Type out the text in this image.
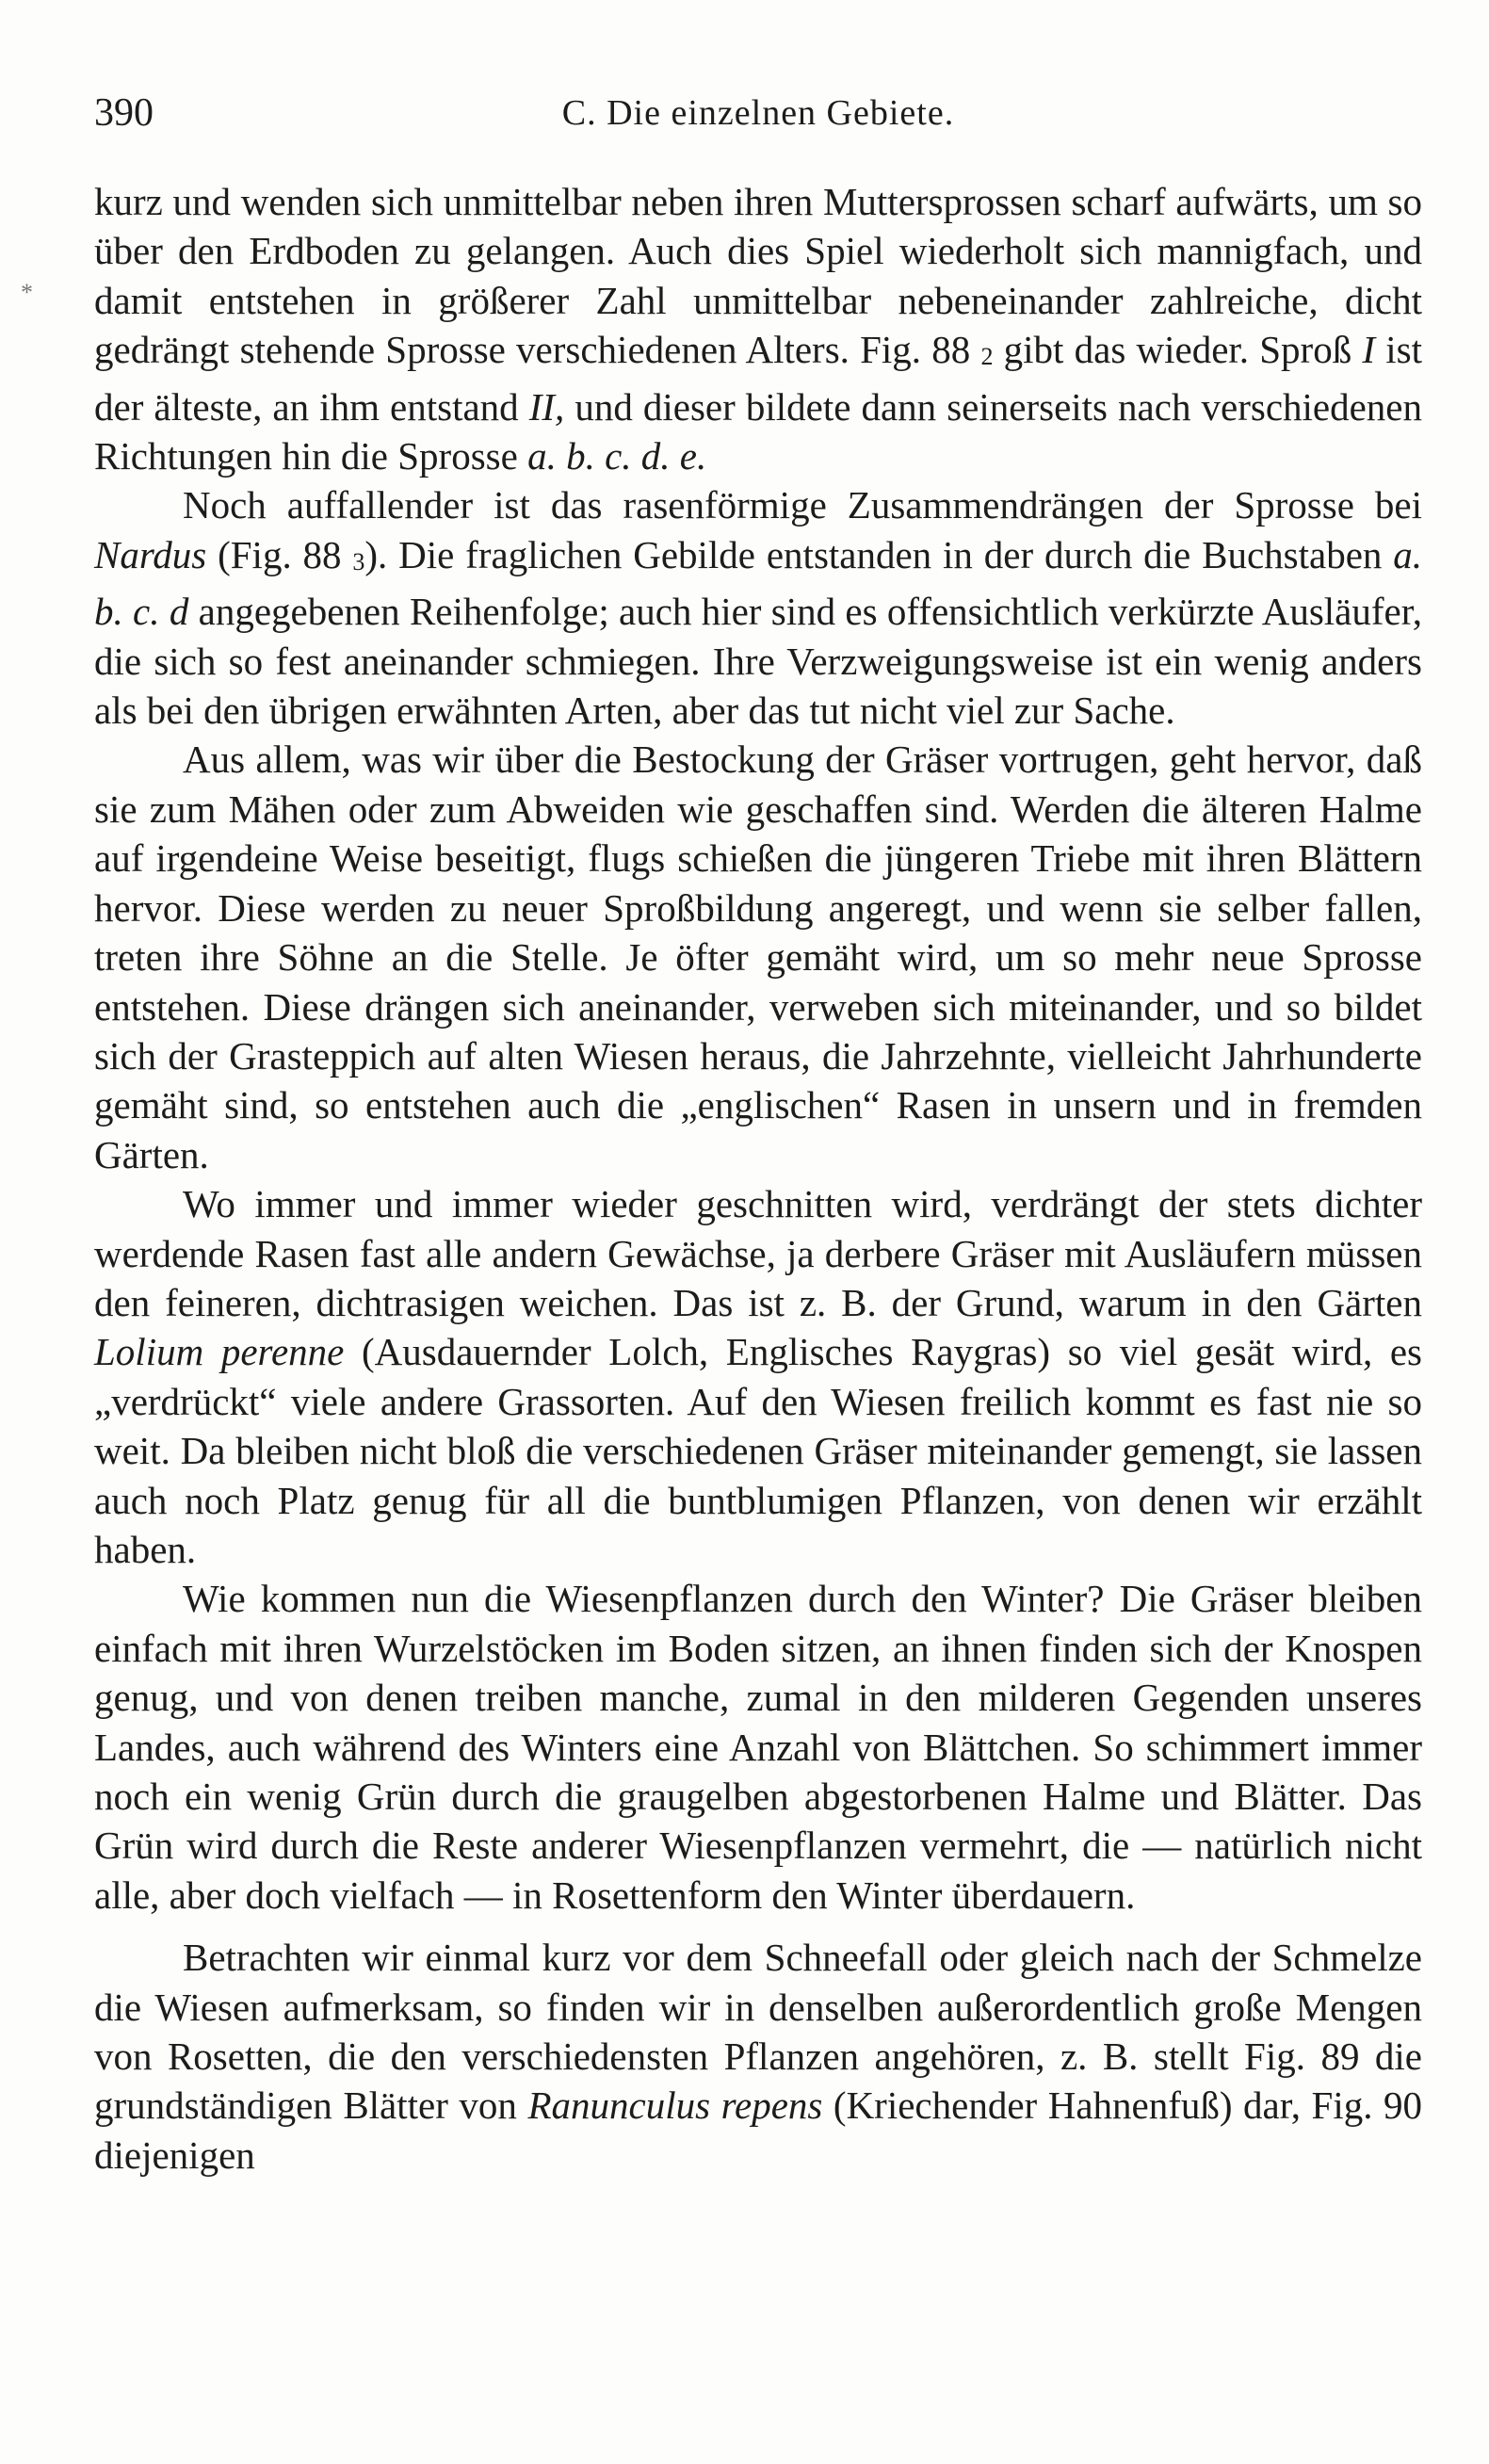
*
390	C. Die einzelnen Gebiete.

kurz und wenden sich unmittelbar neben ihren Muttersprossen scharf aufwärts, um so über den Erdboden zu gelangen. Auch dies Spiel wiederholt sich mannigfach, und damit entstehen in größerer Zahl unmittelbar nebeneinander zahlreiche, dicht gedrängt stehende Sprosse verschiedenen Alters. Fig. 88 2 gibt das wieder. Sproß I ist der älteste, an ihm entstand II, und dieser bildete dann seinerseits nach verschiedenen Richtungen hin die Sprosse a. b. c. d. e.

Noch auffallender ist das rasenförmige Zusammendrängen der Sprosse bei Nardus (Fig. 88 3). Die fraglichen Gebilde entstanden in der durch die Buchstaben a. b. c. d angegebenen Reihenfolge; auch hier sind es offensichtlich verkürzte Ausläufer, die sich so fest aneinander schmiegen. Ihre Verzweigungsweise ist ein wenig anders als bei den übrigen erwähnten Arten, aber das tut nicht viel zur Sache.

Aus allem, was wir über die Bestockung der Gräser vortrugen, geht hervor, daß sie zum Mähen oder zum Abweiden wie geschaffen sind. Werden die älteren Halme auf irgendeine Weise beseitigt, flugs schießen die jüngeren Triebe mit ihren Blättern hervor. Diese werden zu neuer Sproßbildung angeregt, und wenn sie selber fallen, treten ihre Söhne an die Stelle. Je öfter gemäht wird, um so mehr neue Sprosse entstehen. Diese drängen sich aneinander, verweben sich miteinander, und so bildet sich der Grasteppich auf alten Wiesen heraus, die Jahrzehnte, vielleicht Jahrhunderte gemäht sind, so entstehen auch die „englischen“ Rasen in unsern und in fremden Gärten.

Wo immer und immer wieder geschnitten wird, verdrängt der stets dichter werdende Rasen fast alle andern Gewächse, ja derbere Gräser mit Ausläufern müssen den feineren, dichtrasigen weichen. Das ist z. B. der Grund, warum in den Gärten Lolium perenne (Ausdauernder Lolch, Englisches Raygras) so viel gesät wird, es „verdrückt“ viele andere Grassorten. Auf den Wiesen freilich kommt es fast nie so weit. Da bleiben nicht bloß die verschiedenen Gräser miteinander gemengt, sie lassen auch noch Platz genug für all die buntblumigen Pflanzen, von denen wir erzählt haben.

Wie kommen nun die Wiesenpflanzen durch den Winter? Die Gräser bleiben einfach mit ihren Wurzelstöcken im Boden sitzen, an ihnen finden sich der Knospen genug, und von denen treiben manche, zumal in den milderen Gegenden unseres Landes, auch während des Winters eine Anzahl von Blättchen. So schimmert immer noch ein wenig Grün durch die graugelben abgestorbenen Halme und Blätter. Das Grün wird durch die Reste anderer Wiesenpflanzen vermehrt, die — natürlich nicht alle, aber doch vielfach — in Rosettenform den Winter überdauern.

Betrachten wir einmal kurz vor dem Schneefall oder gleich nach der Schmelze die Wiesen aufmerksam, so finden wir in denselben außerordentlich große Mengen von Rosetten, die den verschiedensten Pflanzen angehören, z. B. stellt Fig. 89 die grundständigen Blätter von Ranunculus repens (Kriechender Hahnenfuß) dar, Fig. 90 diejenigen
